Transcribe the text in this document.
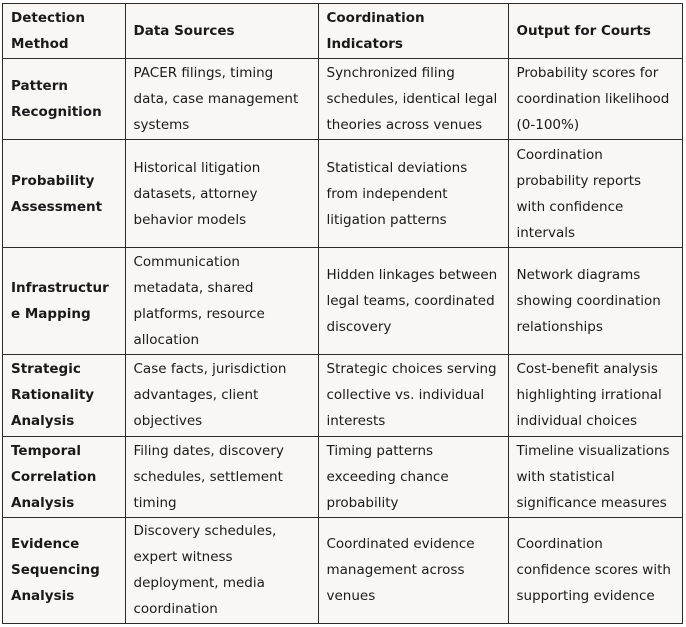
Detection Method	Data Sources	Coordination Indicators	Output for Courts
Pattern Recognition	PACER filings, timing data, case management systems	Synchronized filing schedules, identical legal theories across venues	Probability scores for coordination likelihood (0-100%)
Probability Assessment	Historical litigation datasets, attorney behavior models	Statistical deviations from independent litigation patterns	Coordination probability reports with confidence intervals
Infrastructure Mapping	Communication metadata, shared platforms, resource allocation	Hidden linkages between legal teams, coordinated discovery	Network diagrams showing coordination relationships
Strategic Rationality Analysis	Case facts, jurisdiction advantages, client objectives	Strategic choices serving collective vs. individual interests	Cost-benefit analysis highlighting irrational individual choices
Temporal Correlation Analysis	Filing dates, discovery schedules, settlement timing	Timing patterns exceeding chance probability	Timeline visualizations with statistical significance measures
Evidence Sequencing Analysis	Discovery schedules, expert witness deployment, media coordination	Coordinated evidence management across venues	Coordination confidence scores with supporting evidence
